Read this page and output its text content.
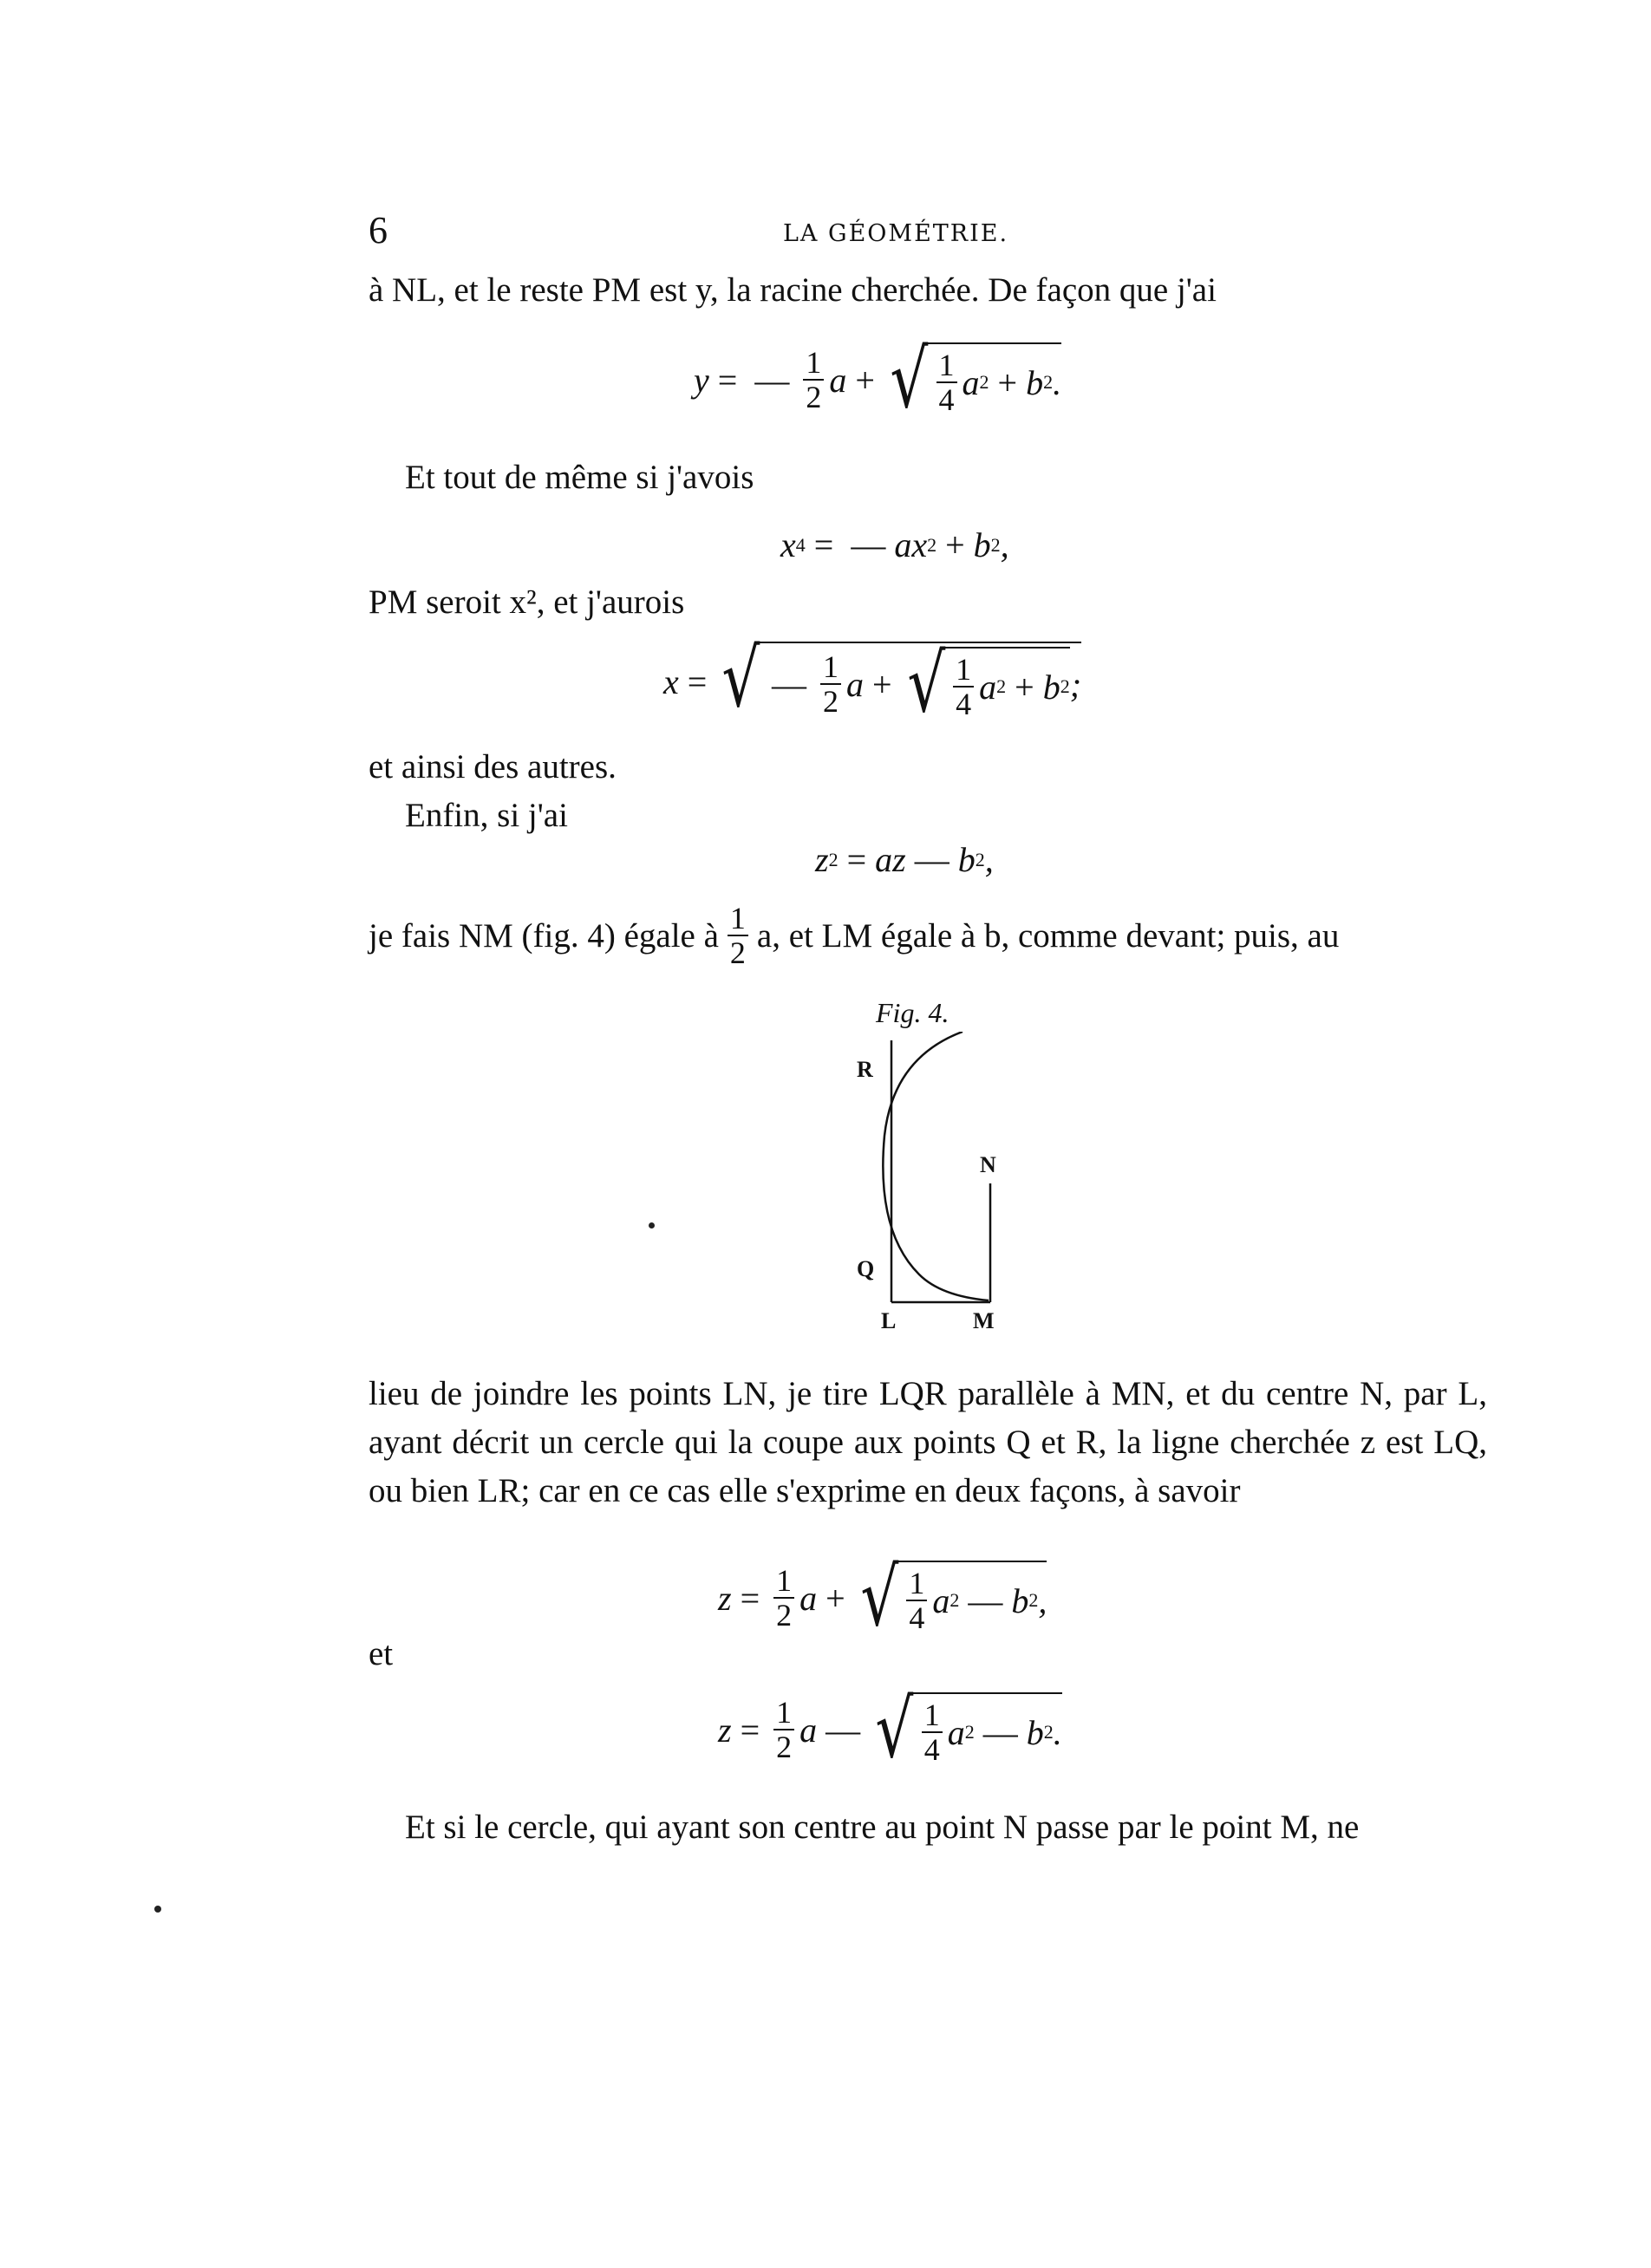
6	LA GÉOMÉTRIE.
à NL, et le reste PM est y, la racine cherchée. De façon que j'ai
y = — $\frac{1}{2}$ a + √ $\frac{1}{4}$ a 2 + b 2 .
Et tout de même si j'avois
x 4 = — ax 2 + b 2 ,
PM seroit x², et j'aurois
x = √ — $\frac{1}{2}$ a + √ $\frac{1}{4}$ a 2 + b 2 ;
et ainsi des autres.
Enfin, si j'ai
z 2 = az — b 2 ,
je fais NM (fig. 4) égale à $\frac{1}{2} a$, et LM égale à b, comme devant; puis, au
Fig. 4.
R
N
Q
L	M
lieu de joindre les points LN, je tire LQR parallèle à MN, et du centre N, par L, ayant décrit un cercle qui la coupe aux points Q et R, la ligne cherchée z est LQ, ou bien LR; car en ce cas elle s'exprime en deux façons, à savoir
$z = \frac{1}{2}$ a + √ $\frac{1}{4}$ a 2 — b 2 ,
et
$z = \frac{1}{2}$ a — √ $\frac{1}{4}$ a 2 — b 2 .
Et si le cercle, qui ayant son centre au point N passe par le point M, ne
